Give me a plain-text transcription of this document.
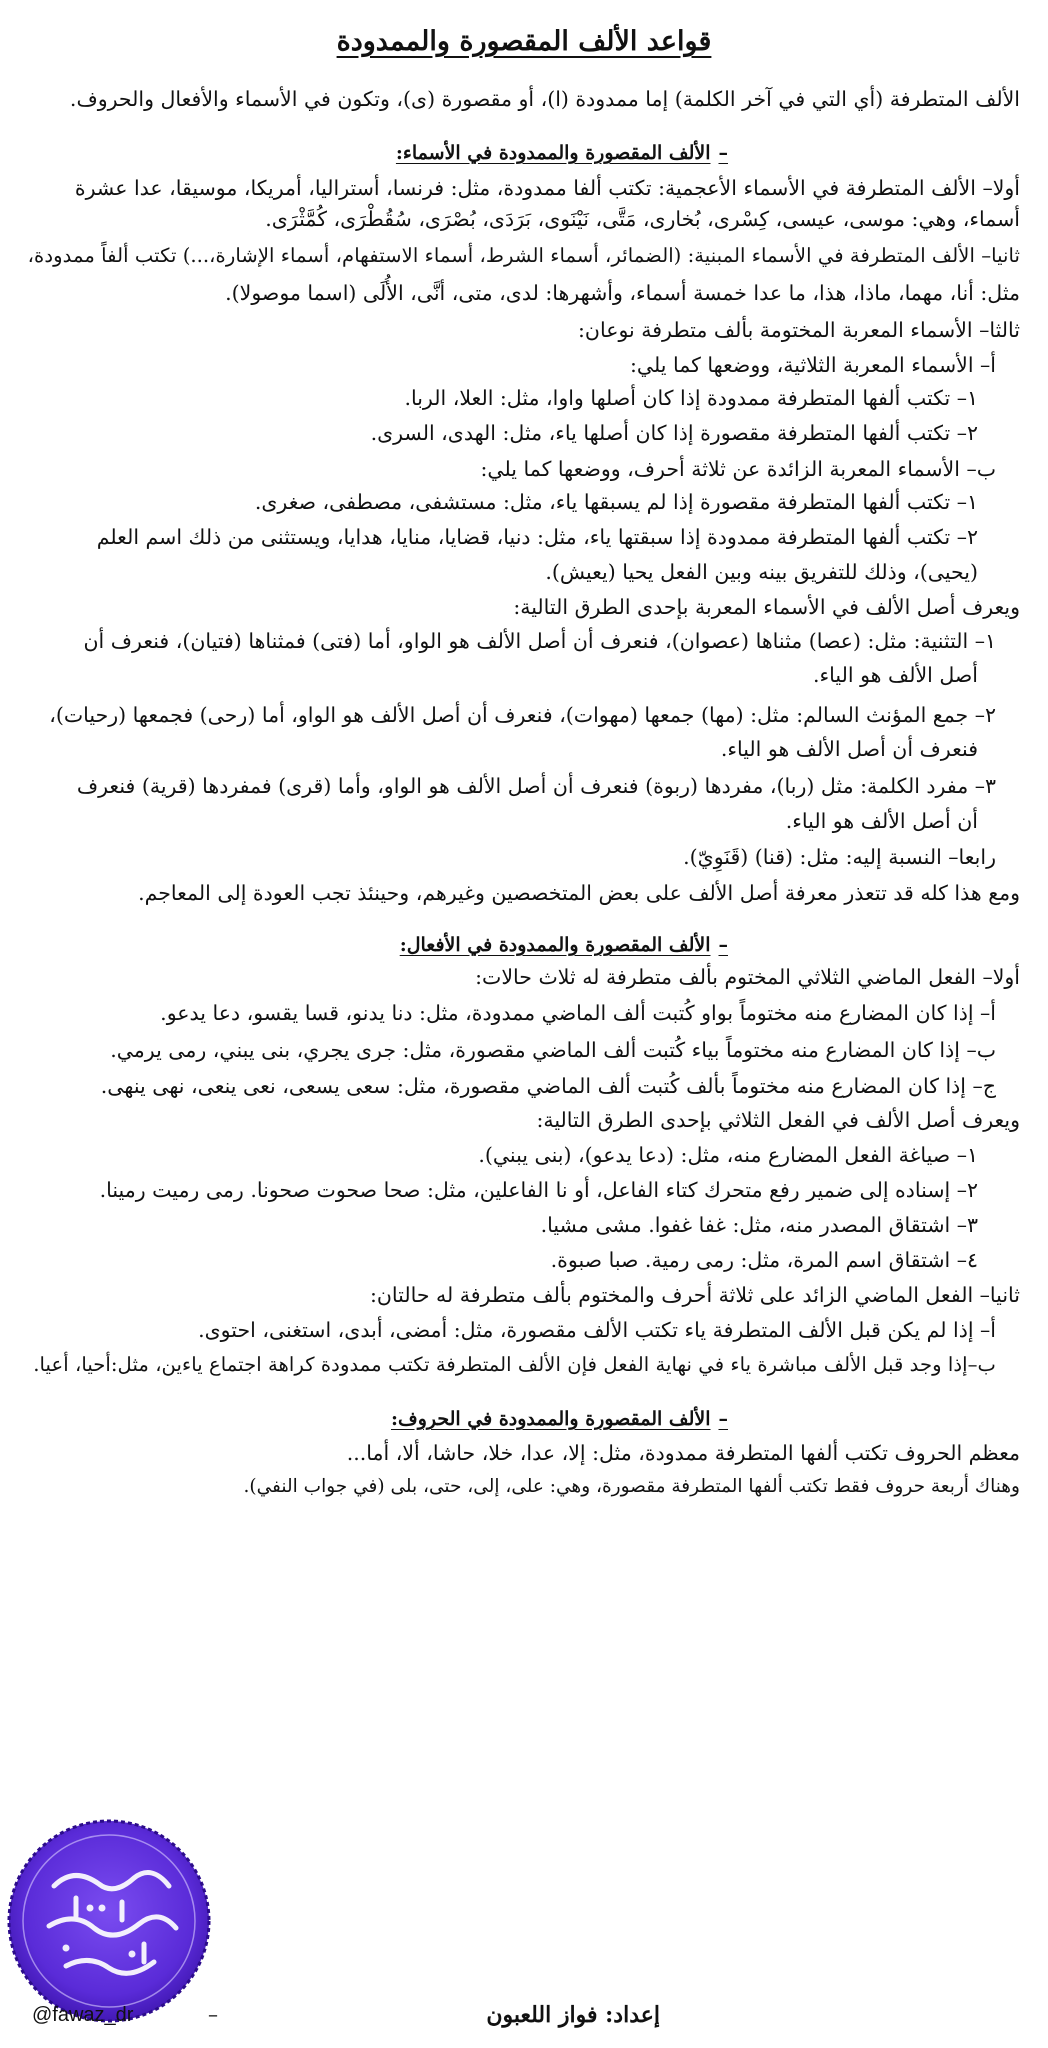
قواعد الألف المقصورة والممدودة
الألف المتطرفة (أي التي في آخر الكلمة) إما ممدودة (ا)، أو مقصورة (ى)، وتكون في الأسماء والأفعال والحروف.
–الألف المقصورة والممدودة في الأسماء:
أولا– الألف المتطرفة في الأسماء الأعجمية: تكتب ألفا ممدودة، مثل: فرنسا، أستراليا، أمريكا، موسيقا، عدا عشرة
أسماء، وهي: موسى، عيسى، كِسْرى، بُخارى، مَتَّى، نَيْنَوى، بَرَدَى، بُصْرَى، سُقُطْرَى، كُمَّثْرَى.
ثانيا– الألف المتطرفة في الأسماء المبنية: (الضمائر، أسماء الشرط، أسماء الاستفهام، أسماء الإشارة،...) تكتب ألفاً ممدودة،
مثل: أنا، مهما، ماذا، هذا، ما عدا خمسة أسماء، وأشهرها: لدى، متى، أنَّى، الأُلَى (اسما موصولا).
ثالثا– الأسماء المعربة المختومة بألف متطرفة نوعان:
أ– الأسماء المعربة الثلاثية، ووضعها كما يلي:
١– تكتب ألفها المتطرفة ممدودة إذا كان أصلها واوا، مثل: العلا، الربا.
٢– تكتب ألفها المتطرفة مقصورة إذا كان أصلها ياء، مثل: الهدى، السرى.
ب– الأسماء المعربة الزائدة عن ثلاثة أحرف، ووضعها كما يلي:
١– تكتب ألفها المتطرفة مقصورة إذا لم يسبقها ياء، مثل: مستشفى، مصطفى، صغرى.
٢– تكتب ألفها المتطرفة ممدودة إذا سبقتها ياء، مثل: دنيا، قضايا، منايا، هدايا، ويستثنى من ذلك اسم العلم
(يحيى)، وذلك للتفريق بينه وبين الفعل يحيا (يعيش).
ويعرف أصل الألف في الأسماء المعربة بإحدى الطرق التالية:
١– التثنية: مثل: (عصا) مثناها (عصوان)، فنعرف أن أصل الألف هو الواو، أما (فتى) فمثناها (فتيان)، فنعرف أن
أصل الألف هو الياء.
٢– جمع المؤنث السالم: مثل: (مها) جمعها (مهوات)، فنعرف أن أصل الألف هو الواو، أما (رحى) فجمعها (رحيات)،
فنعرف أن أصل الألف هو الياء.
٣– مفرد الكلمة: مثل (ربا)، مفردها (ربوة) فنعرف أن أصل الألف هو الواو، وأما (قرى) فمفردها (قرية) فنعرف
أن أصل الألف هو الياء.
رابعا– النسبة إليه: مثل: (قنا) (قَنَوِيّ).
ومع هذا كله قد تتعذر معرفة أصل الألف على بعض المتخصصين وغيرهم، وحينئذ تجب العودة إلى المعاجم.
–الألف المقصورة والممدودة في الأفعال:
أولا– الفعل الماضي الثلاثي المختوم بألف متطرفة له ثلاث حالات:
أ– إذا كان المضارع منه مختوماً بواو كُتبت ألف الماضي ممدودة، مثل: دنا يدنو، قسا يقسو، دعا يدعو.
ب– إذا كان المضارع منه مختوماً بياء كُتبت ألف الماضي مقصورة، مثل: جرى يجري، بنى يبني، رمى يرمي.
ج– إذا كان المضارع منه مختوماً بألف كُتبت ألف الماضي مقصورة، مثل: سعى يسعى، نعى ينعى، نهى ينهى.
ويعرف أصل الألف في الفعل الثلاثي بإحدى الطرق التالية:
١– صياغة الفعل المضارع منه، مثل: (دعا يدعو)، (بنى يبني).
٢– إسناده إلى ضمير رفع متحرك كتاء الفاعل، أو نا الفاعلين، مثل: صحا صحوت صحونا. رمى رميت رمينا.
٣– اشتقاق المصدر منه، مثل: غفا غفوا. مشى مشيا.
٤– اشتقاق اسم المرة، مثل: رمى رمية. صبا صبوة.
ثانيا– الفعل الماضي الزائد على ثلاثة أحرف والمختوم بألف متطرفة له حالتان:
أ– إذا لم يكن قبل الألف المتطرفة ياء تكتب الألف مقصورة، مثل: أمضى، أبدى، استغنى، احتوى.
ب–إذا وجد قبل الألف مباشرة ياء في نهاية الفعل فإن الألف المتطرفة تكتب ممدودة كراهة اجتماع ياءين، مثل:أحيا، أعيا.
–الألف المقصورة والممدودة في الحروف:
معظم الحروف تكتب ألفها المتطرفة ممدودة، مثل: إلا، عدا، خلا، حاشا، ألا، أما...
وهناك أربعة حروف فقط تكتب ألفها المتطرفة مقصورة، وهي: على، إلى، حتى، بلى (في جواب النفي).
إعداد: فواز اللعبون
–
@fawaz_dr
